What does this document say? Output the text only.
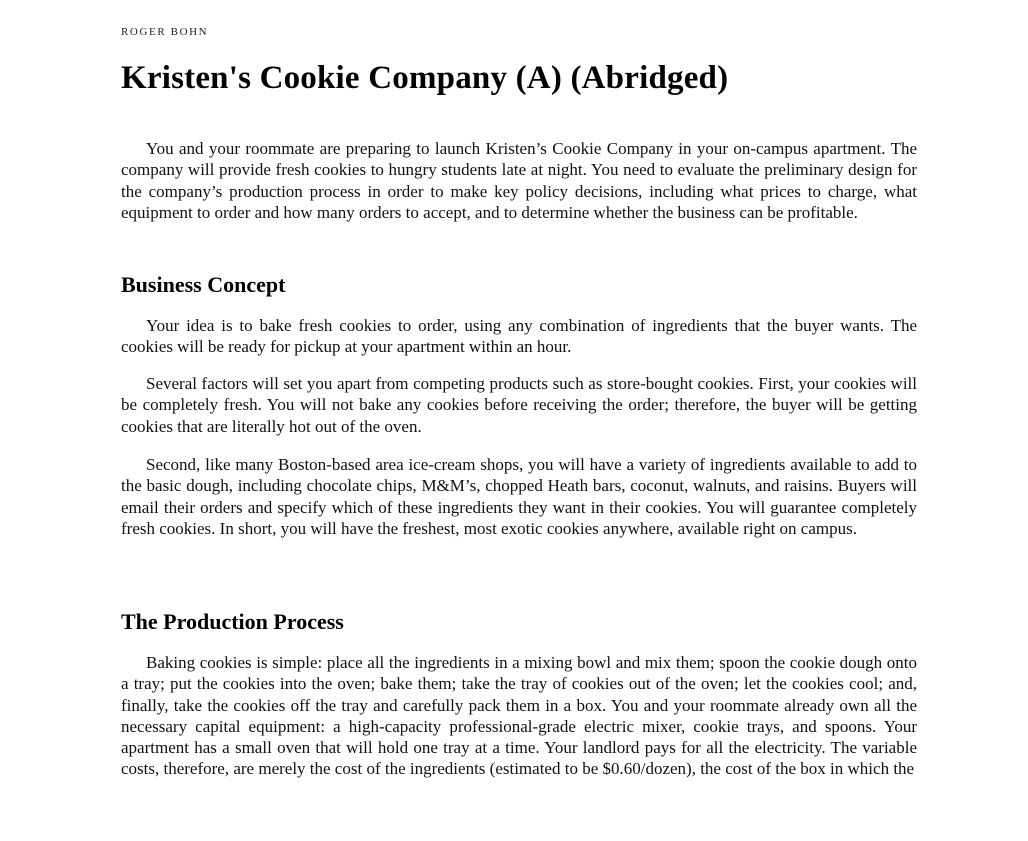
ROGER BOHN
Kristen's Cookie Company (A) (Abridged)

You and your roommate are preparing to launch Kristen’s Cookie Company in your on-campus apartment. The company will provide fresh cookies to hungry students late at night. You need to evaluate the preliminary design for the company’s production process in order to make key policy decisions, including what prices to charge, what equipment to order and how many orders to accept, and to determine whether the business can be profitable.

Business Concept

Your idea is to bake fresh cookies to order, using any combination of ingredients that the buyer wants. The cookies will be ready for pickup at your apartment within an hour.

Several factors will set you apart from competing products such as store-bought cookies. First, your cookies will be completely fresh. You will not bake any cookies before receiving the order; therefore, the buyer will be getting cookies that are literally hot out of the oven.

Second, like many Boston-based area ice-cream shops, you will have a variety of ingredients available to add to the basic dough, including chocolate chips, M&M’s, chopped Heath bars, coconut, walnuts, and raisins. Buyers will email their orders and specify which of these ingredients they want in their cookies. You will guarantee completely fresh cookies. In short, you will have the freshest, most exotic cookies anywhere, available right on campus.

The Production Process

Baking cookies is simple: place all the ingredients in a mixing bowl and mix them; spoon the cookie dough onto a tray; put the cookies into the oven; bake them; take the tray of cookies out of the oven; let the cookies cool; and, finally, take the cookies off the tray and carefully pack them in a box. You and your roommate already own all the necessary capital equipment: a high-capacity professional-grade electric mixer, cookie trays, and spoons. Your apartment has a small oven that will hold one tray at a time. Your landlord pays for all the electricity. The variable costs, therefore, are merely the cost of the ingredients (estimated to be $0.60/dozen), the cost of the box in which the
